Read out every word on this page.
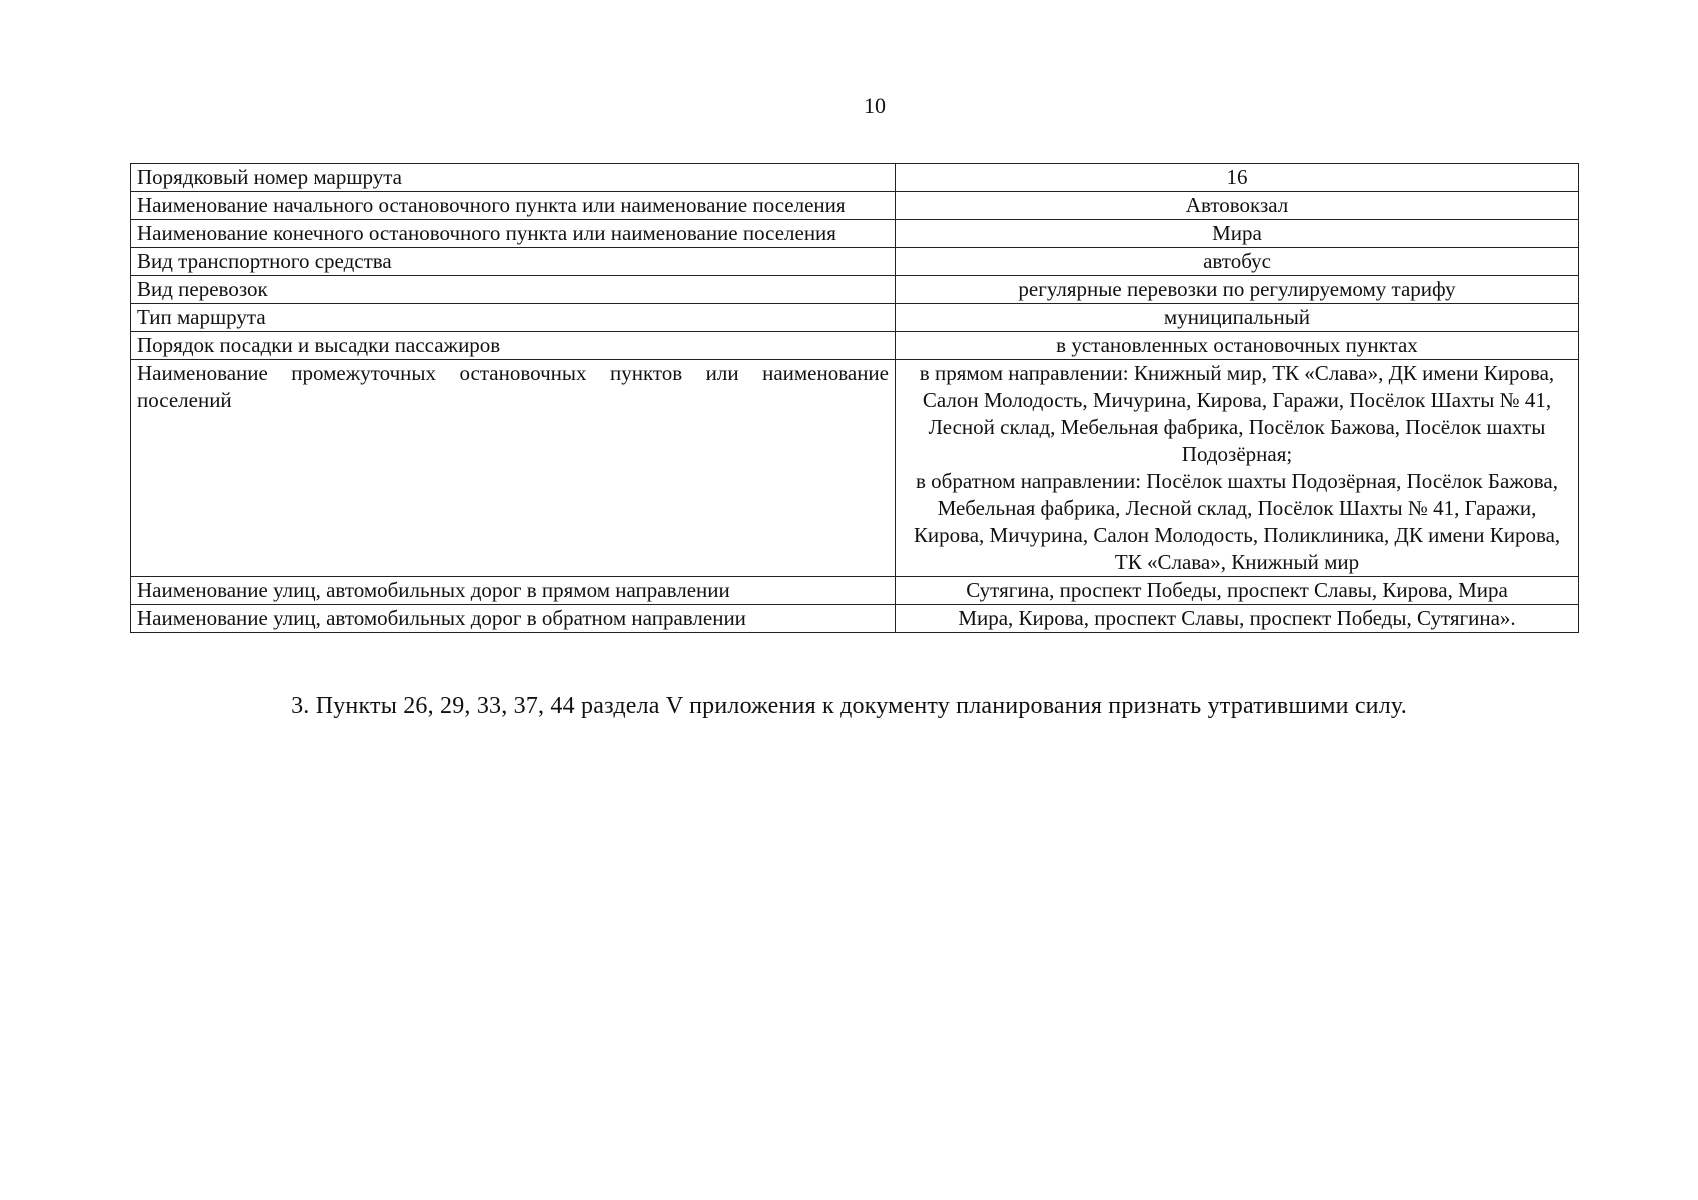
10
Порядковый номер маршрута	16
Наименование начального остановочного пункта или наименование поселения	Автовокзал
Наименование конечного остановочного пункта или наименование поселения	Мира
Вид транспортного средства	автобус
Вид перевозок	регулярные перевозки по регулируемому тарифу
Тип маршрута	муниципальный
Порядок посадки и высадки пассажиров	в установленных остановочных пунктах
Наименование промежуточных остановочных пунктов или наименование поселений	в прямом направлении: Книжный мир, ТК «Слава», ДК имени Кирова, Салон Молодость, Мичурина, Кирова, Гаражи, Посёлок Шахты № 41, Лесной склад, Мебельная фабрика, Посёлок Бажова, Посёлок шахты Подозёрная;
в обратном направлении: Посёлок шахты Подозёрная, Посёлок Бажова, Мебельная фабрика, Лесной склад, Посёлок Шахты № 41, Гаражи, Кирова, Мичурина, Салон Молодость, Поликлиника, ДК имени Кирова, ТК «Слава», Книжный мир

Наименование улиц, автомобильных дорог в прямом направлении	Сутягина, проспект Победы, проспект Славы, Кирова, Мира
Наименование улиц, автомобильных дорог в обратном направлении	Мира, Кирова, проспект Славы, проспект Победы, Сутягина».
3. Пункты 26, 29, 33, 37, 44 раздела V приложения к документу планирования признать утратившими силу.
